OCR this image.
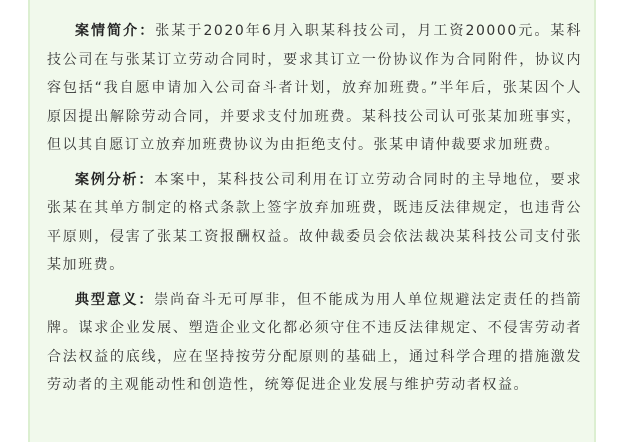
案情简介：张某于2020年6月入职某科技公司，月工资20000元。某科技公司在与张某订立劳动合同时，要求其订立一份协议作为合同附件，协议内容包括“我自愿申请加入公司奋斗者计划，放弃加班费。”半年后，张某因个人原因提出解除劳动合同，并要求支付加班费。某科技公司认可张某加班事实，但以其自愿订立放弃加班费协议为由拒绝支付。张某申请仲裁要求加班费。

案例分析：本案中，某科技公司利用在订立劳动合同时的主导地位，要求张某在其单方制定的格式条款上签字放弃加班费，既违反法律规定，也违背公平原则，侵害了张某工资报酬权益。故仲裁委员会依法裁决某科技公司支付张某加班费。

典型意义：崇尚奋斗无可厚非，但不能成为用人单位规避法定责任的挡箭牌。谋求企业发展、塑造企业文化都必须守住不违反法律规定、不侵害劳动者合法权益的底线，应在坚持按劳分配原则的基础上，通过科学合理的措施激发劳动者的主观能动性和创造性，统筹促进企业发展与维护劳动者权益。
